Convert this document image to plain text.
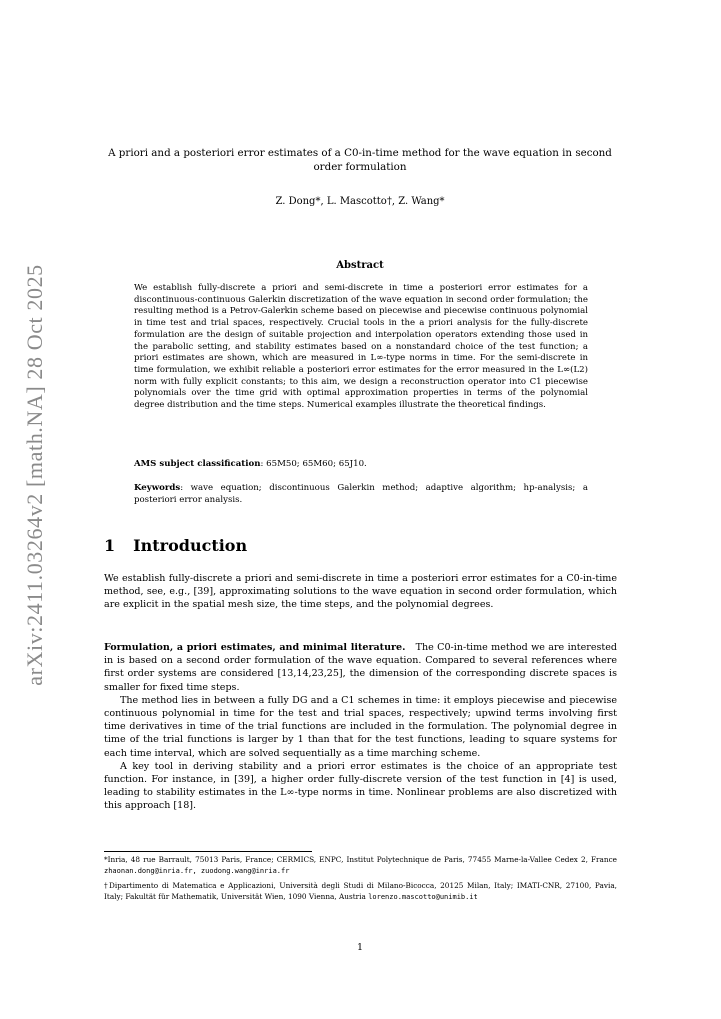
arXiv:2411.03264v2 [math.NA] 28 Oct 2025
A priori and a posteriori error estimates of a C0-in-time method for the wave equation in second order formulation
Z. Dong*, L. Mascotto†, Z. Wang*
Abstract
We establish fully-discrete a priori and semi-discrete in time a posteriori error estimates for a discontinuous-continuous Galerkin discretization of the wave equation in second order formulation; the resulting method is a Petrov-Galerkin scheme based on piecewise and piecewise continuous polynomial in time test and trial spaces, respectively. Crucial tools in the a priori analysis for the fully-discrete formulation are the design of suitable projection and interpolation operators extending those used in the parabolic setting, and stability estimates based on a nonstandard choice of the test function; a priori estimates are shown, which are measured in L∞-type norms in time. For the semi-discrete in time formulation, we exhibit reliable a posteriori error estimates for the error measured in the L∞(L2) norm with fully explicit constants; to this aim, we design a reconstruction operator into C1 piecewise polynomials over the time grid with optimal approximation properties in terms of the polynomial degree distribution and the time steps. Numerical examples illustrate the theoretical findings.
AMS subject classification: 65M50; 65M60; 65J10.
Keywords: wave equation; discontinuous Galerkin method; adaptive algorithm; hp-analysis; a posteriori error analysis.
1 Introduction

We establish fully-discrete a priori and semi-discrete in time a posteriori error estimates for a C0-in-time method, see, e.g., [39], approximating solutions to the wave equation in second order formulation, which are explicit in the spatial mesh size, the time steps, and the polynomial degrees.

Formulation, a priori estimates, and minimal literature. The C0-in-time method we are interested in is based on a second order formulation of the wave equation. Compared to several references where first order systems are considered [13,14,23,25], the dimension of the corresponding discrete spaces is smaller for fixed time steps.

The method lies in between a fully DG and a C1 schemes in time: it employs piecewise and piecewise continuous polynomial in time for the test and trial spaces, respectively; upwind terms involving first time derivatives in time of the trial functions are included in the formulation. The polynomial degree in time of the trial functions is larger by 1 than that for the test functions, leading to square systems for each time interval, which are solved sequentially as a time marching scheme.

A key tool in deriving stability and a priori error estimates is the choice of an appropriate test function. For instance, in [39], a higher order fully-discrete version of the test function in [4] is used, leading to stability estimates in the L∞-type norms in time. Nonlinear problems are also discretized with this approach [18].

*Inria, 48 rue Barrault, 75013 Paris, France; CERMICS, ENPC, Institut Polytechnique de Paris, 77455 Marne-la-Vallee Cedex 2, France zhaonan.dong@inria.fr, zuodong.wang@inria.fr
†Dipartimento di Matematica e Applicazioni, Università degli Studi di Milano-Bicocca, 20125 Milan, Italy; IMATI-CNR, 27100, Pavia, Italy; Fakultät für Mathematik, Universität Wien, 1090 Vienna, Austria lorenzo.mascotto@unimib.it
1
